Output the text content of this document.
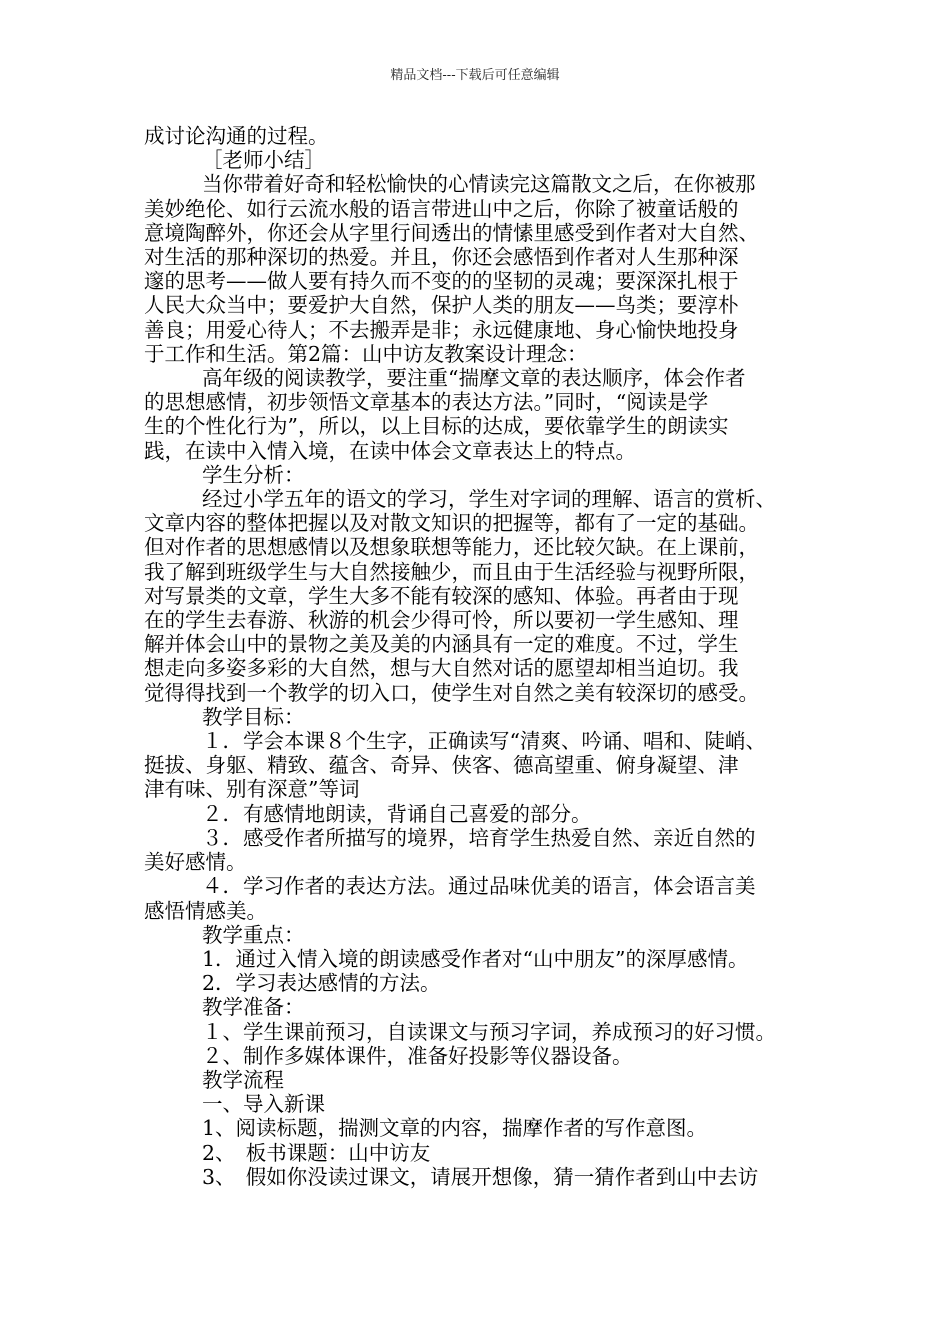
精品文档---下载后可任意编辑

成讨论沟通的过程。

［老师小结］

当你带着好奇和轻松愉快的心情读完这篇散文之后，在你被那

美妙绝伦、如行云流水般的语言带进山中之后，你除了被童话般的

意境陶醉外，你还会从字里行间透出的情愫里感受到作者对大自然、

对生活的那种深切的热爱。并且，你还会感悟到作者对人生那种深

邃的思考——做人要有持久而不变的的坚韧的灵魂；要深深扎根于

人民大众当中；要爱护大自然，保护人类的朋友——鸟类；要淳朴

善良；用爱心待人；不去搬弄是非；永远健康地、身心愉快地投身

于工作和生活。第2篇：山中访友教案设计理念：

高年级的阅读教学，要注重“揣摩文章的表达顺序，体会作者

的思想感情，初步领悟文章基本的表达方法。”同时，“阅读是学

生的个性化行为”，所以，以上目标的达成，要依靠学生的朗读实

践，在读中入情入境，在读中体会文章表达上的特点。

学生分析：

经过小学五年的语文的学习，学生对字词的理解、语言的赏析、

文章内容的整体把握以及对散文知识的把握等，都有了一定的基础。

但对作者的思想感情以及想象联想等能力，还比较欠缺。在上课前，

我了解到班级学生与大自然接触少，而且由于生活经验与视野所限，

对写景类的文章，学生大多不能有较深的感知、体验。再者由于现

在的学生去春游、秋游的机会少得可怜，所以要初一学生感知、理

解并体会山中的景物之美及美的内涵具有一定的难度。不过，学生

想走向多姿多彩的大自然，想与大自然对话的愿望却相当迫切。我

觉得得找到一个教学的切入口，使学生对自然之美有较深切的感受。

教学目标：

１．学会本课８个生字，正确读写“清爽、吟诵、唱和、陡峭、

挺拔、身躯、精致、蕴含、奇异、侠客、德高望重、俯身凝望、津

津有味、别有深意”等词

２．有感情地朗读，背诵自己喜爱的部分。

３．感受作者所描写的境界，培育学生热爱自然、亲近自然的

美好感情。

４．学习作者的表达方法。通过品味优美的语言，体会语言美

感悟情感美。

教学重点：

1．通过入情入境的朗读感受作者对“山中朋友”的深厚感情。

2．学习表达感情的方法。

教学准备：

１、学生课前预习，自读课文与预习字词，养成预习的好习惯。

２、制作多媒体课件，准备好投影等仪器设备。

教学流程

一、导入新课

1、阅读标题，揣测文章的内容，揣摩作者的写作意图。

2、　板书课题：山中访友

3、　假如你没读过课文，请展开想像，猜一猜作者到山中去访
